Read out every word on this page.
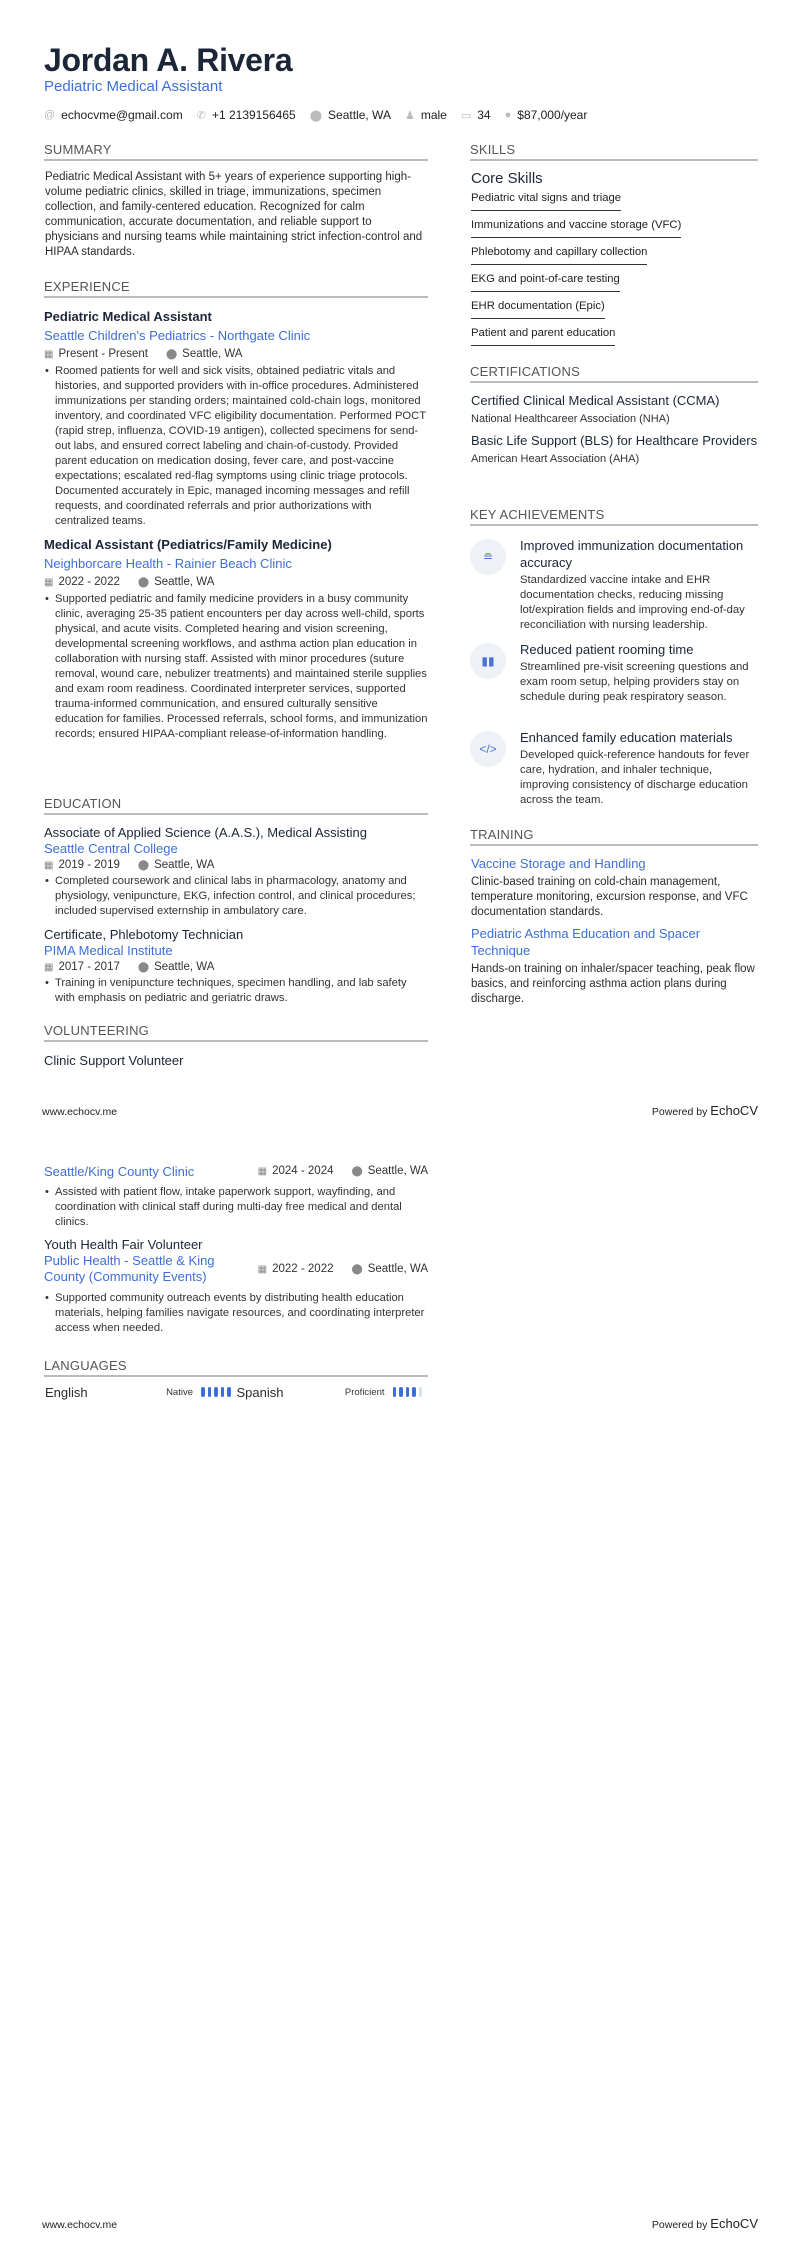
Jordan A. Rivera
Pediatric Medical Assistant
@ echocvme@gmail.com ✆ +1 2139156465 ⬤ Seattle, WA ♟ male ▭ 34 ● $87,000/year
SUMMARY
Pediatric Medical Assistant with 5+ years of experience supporting high-volume pediatric clinics, skilled in triage, immunizations, specimen collection, and family-centered education. Recognized for calm communication, accurate documentation, and reliable support to physicians and nursing teams while maintaining strict infection-control and HIPAA standards.
EXPERIENCE
Pediatric Medical Assistant
Seattle Children's Pediatrics - Northgate Clinic
▦ Present - Present ⬤ Seattle, WA
• Roomed patients for well and sick visits, obtained pediatric vitals and histories, and supported providers with in-office procedures. Administered immunizations per standing orders; maintained cold-chain logs, monitored inventory, and coordinated VFC eligibility documentation. Performed POCT (rapid strep, influenza, COVID-19 antigen), collected specimens for send-out labs, and ensured correct labeling and chain-of-custody. Provided parent education on medication dosing, fever care, and post-vaccine expectations; escalated red-flag symptoms using clinic triage protocols. Documented accurately in Epic, managed incoming messages and refill requests, and coordinated referrals and prior authorizations with centralized teams.
Medical Assistant (Pediatrics/Family Medicine)
Neighborcare Health - Rainier Beach Clinic
▦ 2022 - 2022 ⬤ Seattle, WA
• Supported pediatric and family medicine providers in a busy community clinic, averaging 25-35 patient encounters per day across well-child, sports physical, and acute visits. Completed hearing and vision screening, developmental screening workflows, and asthma action plan education in collaboration with nursing staff. Assisted with minor procedures (suture removal, wound care, nebulizer treatments) and maintained sterile supplies and exam room readiness. Coordinated interpreter services, supported trauma-informed communication, and ensured culturally sensitive education for families. Processed referrals, school forms, and immunization records; ensured HIPAA-compliant release-of-information handling.
EDUCATION
Associate of Applied Science (A.A.S.), Medical Assisting
Seattle Central College
▦ 2019 - 2019 ⬤ Seattle, WA
• Completed coursework and clinical labs in pharmacology, anatomy and physiology, venipuncture, EKG, infection control, and clinical procedures; included supervised externship in ambulatory care.
Certificate, Phlebotomy Technician
PIMA Medical Institute
▦ 2017 - 2017 ⬤ Seattle, WA
• Training in venipuncture techniques, specimen handling, and lab safety with emphasis on pediatric and geriatric draws.
VOLUNTEERING
Clinic Support Volunteer
www.echocv.me	Powered by EchoCV
SKILLS
Core Skills
Pediatric vital signs and triage
Immunizations and vaccine storage (VFC)
Phlebotomy and capillary collection
EKG and point-of-care testing
EHR documentation (Epic)
Patient and parent education
CERTIFICATIONS
Certified Clinical Medical Assistant (CCMA)
National Healthcareer Association (NHA)
Basic Life Support (BLS) for Healthcare Providers
American Heart Association (AHA)
KEY ACHIEVEMENTS
≘
Improved immunization documentation accuracy
Standardized vaccine intake and EHR documentation checks, reducing missing lot/expiration fields and improving end-of-day reconciliation with nursing leadership.
▮▮
Reduced patient rooming time
Streamlined pre-visit screening questions and exam room setup, helping providers stay on schedule during peak respiratory season.
</>
Enhanced family education materials
Developed quick-reference handouts for fever care, hydration, and inhaler technique, improving consistency of discharge education across the team.
TRAINING
Vaccine Storage and Handling
Clinic-based training on cold-chain management, temperature monitoring, excursion response, and VFC documentation standards.
Pediatric Asthma Education and Spacer Technique
Hands-on training on inhaler/spacer teaching, peak flow basics, and reinforcing asthma action plans during discharge.
Seattle/King County Clinic	▦ 2024 - 2024 ⬤ Seattle, WA
• Assisted with patient flow, intake paperwork support, wayfinding, and coordination with clinical staff during multi-day free medical and dental clinics.
Youth Health Fair Volunteer
Public Health - Seattle & King County (Community Events)	▦ 2022 - 2022 ⬤ Seattle, WA
• Supported community outreach events by distributing health education materials, helping families navigate resources, and coordinating interpreter access when needed.
LANGUAGES
English	Native	Spanish	Proficient
www.echocv.me	Powered by EchoCV
